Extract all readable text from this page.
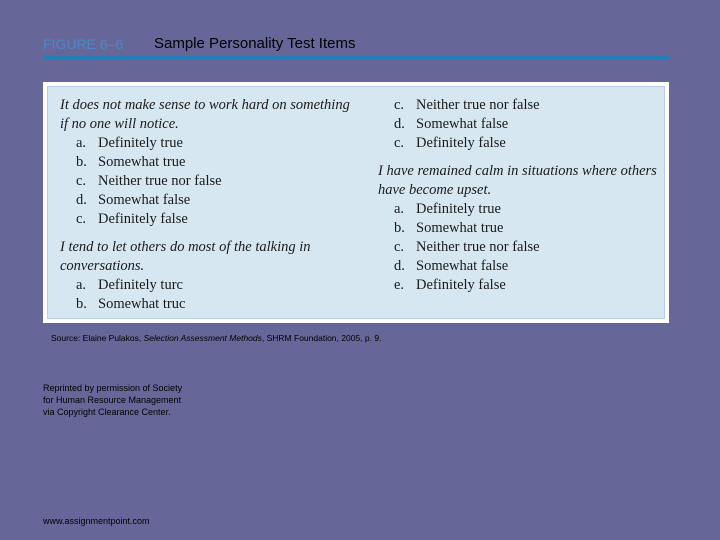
FIGURE 6–6 Sample Personality Test Items
It does not make sense to work hard on something if no one will notice.
a. Definitely true
b. Somewhat true
c. Neither true nor false
d. Somewhat false
c. Definitely false
I tend to let others do most of the talking in conversations.
a. Definitely turc
b. Somewhat truc
c. Neither true nor false
d. Somewhat false
c. Definitely false
I have remained calm in situations where others have become upset.
a. Definitely true
b. Somewhat true
c. Neither true nor false
d. Somewhat false
e. Definitely false
Source: Elaine Pulakos, Selection Assessment Methods, SHRM Foundation, 2005, p. 9.
Reprinted by permission of Society for Human Resource Management via Copyright Clearance Center.
www.assignmentpoint.com
